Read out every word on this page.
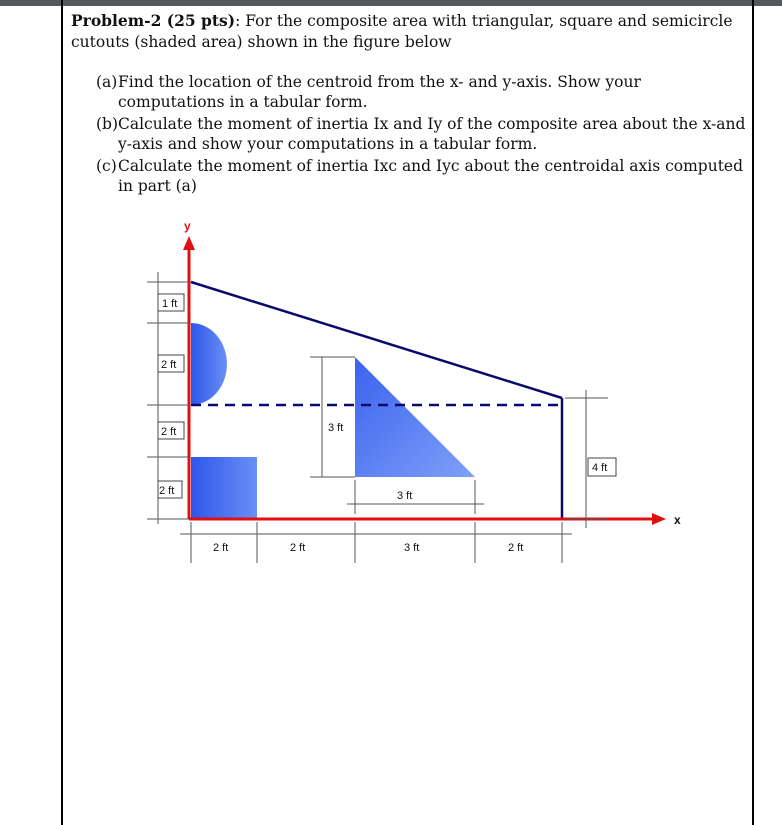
Problem-2 (25 pts): For the composite area with triangular, square and semicircle cutouts (shaded area) shown in the figure below
(a) Find the location of the centroid from the x- and y-axis. Show your computations in a tabular form.
(b) Calculate the moment of inertia Ix and Iy of the composite area about the x-and y-axis and show your computations in a tabular form.
(c) Calculate the moment of inertia Ixc and Iyc about the centroidal axis computed in part (a)
y
x
1 ft
2 ft
2 ft
2 ft
2 ft	2 ft	3 ft	2 ft
3 ft
3 ft
4 ft
